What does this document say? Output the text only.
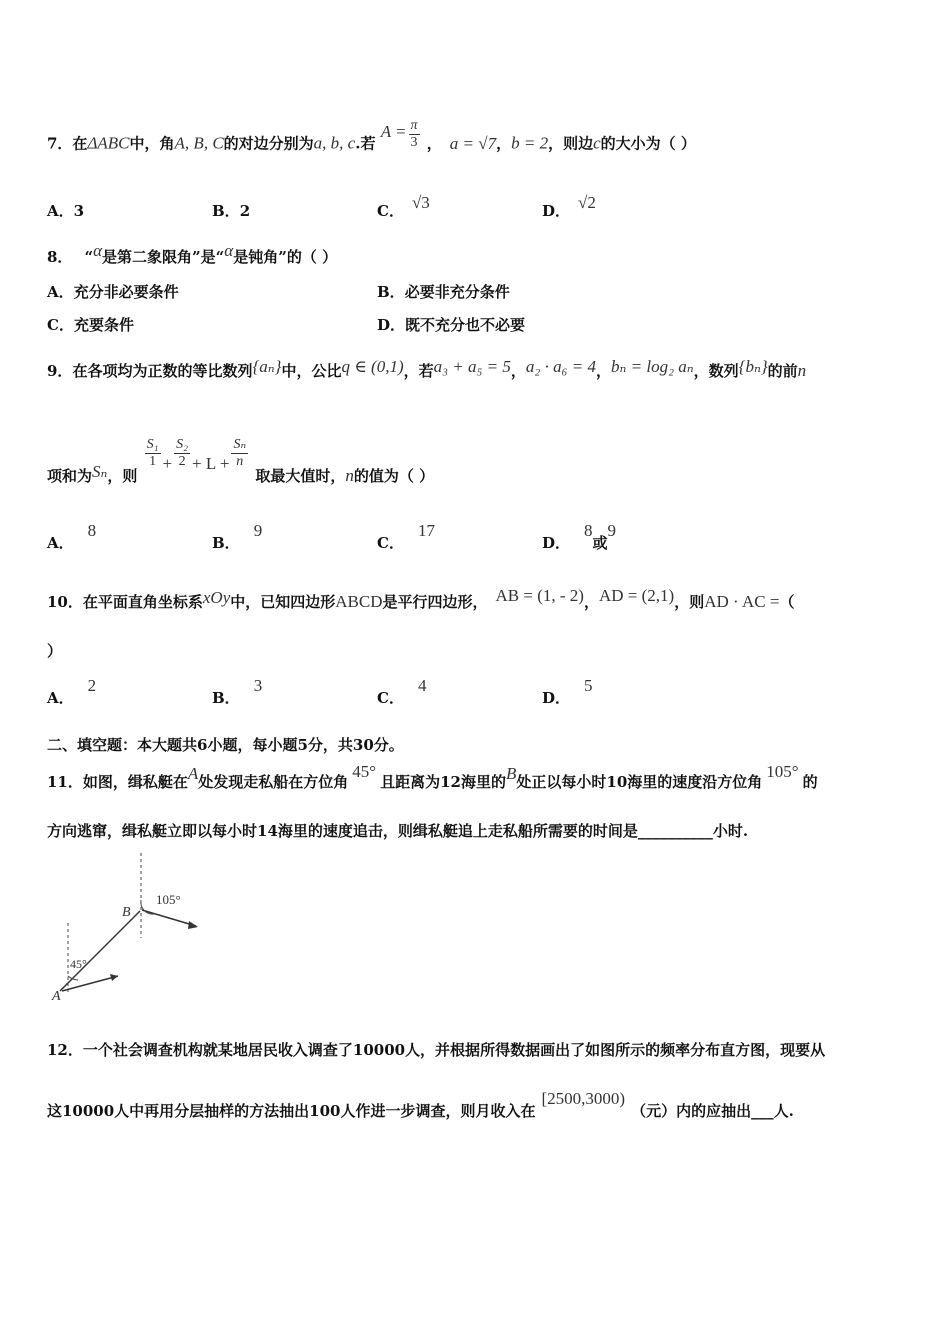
7．在ΔABC中，角A, B, C的对边分别为a, b, c.若 $A = \frac{\pi}{3}$ ， a = √7，b = 2，则边c的大小为（ ）
A．3	B．2	C． √3	D． √2
8． “α是第二象限角”是“α是钝角”的（ ）
A．充分非必要条件	B．必要非充分条件
C．充要条件	D．既不充分也不必要
9．在各项均为正数的等比数列{aₙ}中，公比q ∈ (0,1)，若a₃ + a₅ = 5，a₂ · a₆ = 4，bₙ = log₂ aₙ，数列{bₙ}的前n
项和为Sₙ，则
$\frac{\text{S₁}}{1} + \frac{\text{S₂}}{2} + L + \frac{\text{Sₙ}}{n}$
取最大值时，n的值为（ ）
A．8
B．9
C．17
D．8或9
10．在平面直角坐标系xOy中，已知四边形ABCD是平行四边形， AB = (1, - 2)，AD = (2,1)，则AD · AC =（
）
A．2
B．3
C．4
D．5
二、填空题：本大题共6小题，每小题5分，共30分。
11．如图，缉私艇在A处发现走私船在方位角45°且距离为12海里的B处正以每小时10海里的速度沿方位角105°的
方向逃窜，缉私艇立即以每小时14海里的速度追击，则缉私艇追上走私船所需要的时间是__________小时.
B
A
105°
45°
12．一个社会调查机构就某地居民收入调查了10000人，并根据所得数据画出了如图所示的频率分布直方图，现要从
这10000人中再用分层抽样的方法抽出100人作进一步调查，则月收入在[2500,3000)（元）内的应抽出___人.
